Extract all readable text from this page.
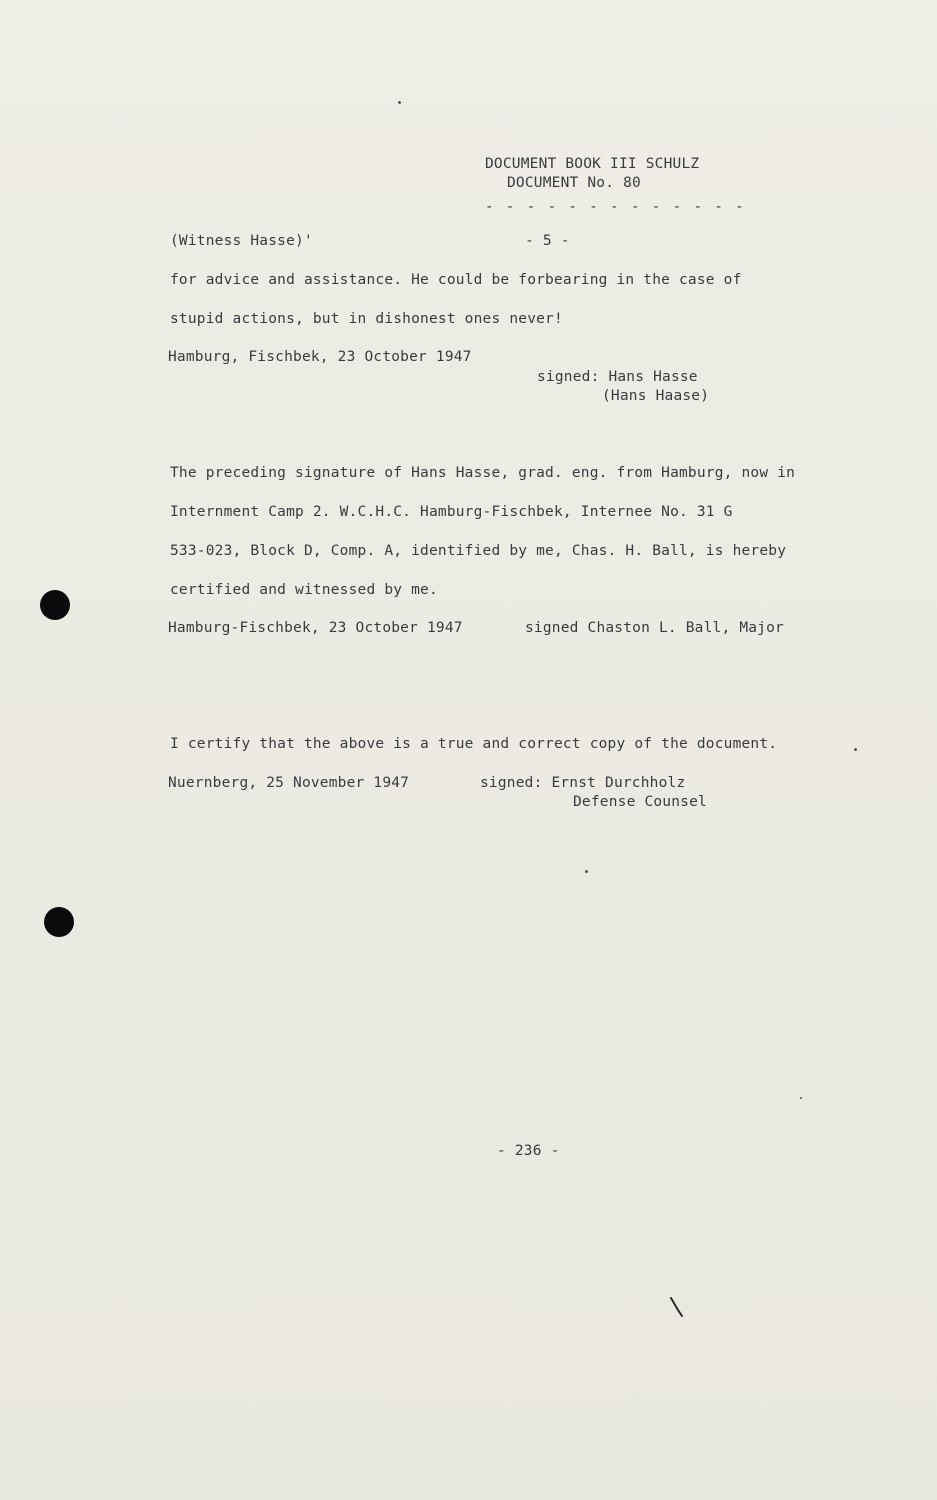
DOCUMENT BOOK III SCHULZ
DOCUMENT No. 80
- - - - - - - - - - - - -
(Witness Hasse)'	- 5 -
for advice and assistance. He could be forbearing in the case of
stupid actions, but in dishonest ones never!
Hamburg, Fischbek, 23 October 1947
signed: Hans Hasse
(Hans Haase)
The preceding signature of Hans Hasse, grad. eng. from Hamburg, now in
Internment Camp 2. W.C.H.C. Hamburg-Fischbek, Internee No. 31 G
533-023, Block D, Comp. A, identified by me, Chas. H. Ball, is hereby
certified and witnessed by me.
Hamburg-Fischbek, 23 October 1947	signed Chaston L. Ball, Major
I certify that the above is a true and correct copy of the document.
Nuernberg, 25 November 1947	signed: Ernst Durchholz
Defense Counsel
- 236 -
